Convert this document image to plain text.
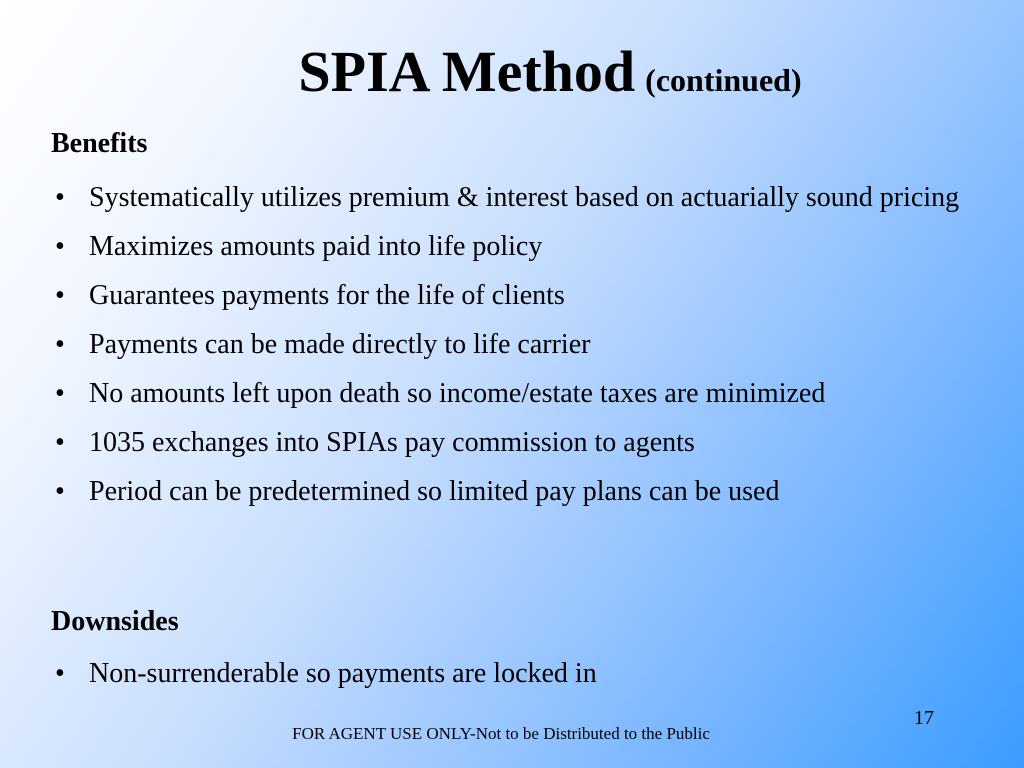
SPIA Method (continued)
Benefits
• Systematically utilizes premium & interest based on actuarially sound pricing
• Maximizes amounts paid into life policy
• Guarantees payments for the life of clients
• Payments can be made directly to life carrier
• No amounts left upon death so income/estate taxes are minimized
• 1035 exchanges into SPIAs pay commission to agents
• Period can be predetermined so limited pay plans can be used
Downsides
• Non-surrenderable so payments are locked in
17
FOR AGENT USE ONLY-Not to be Distributed to the Public
